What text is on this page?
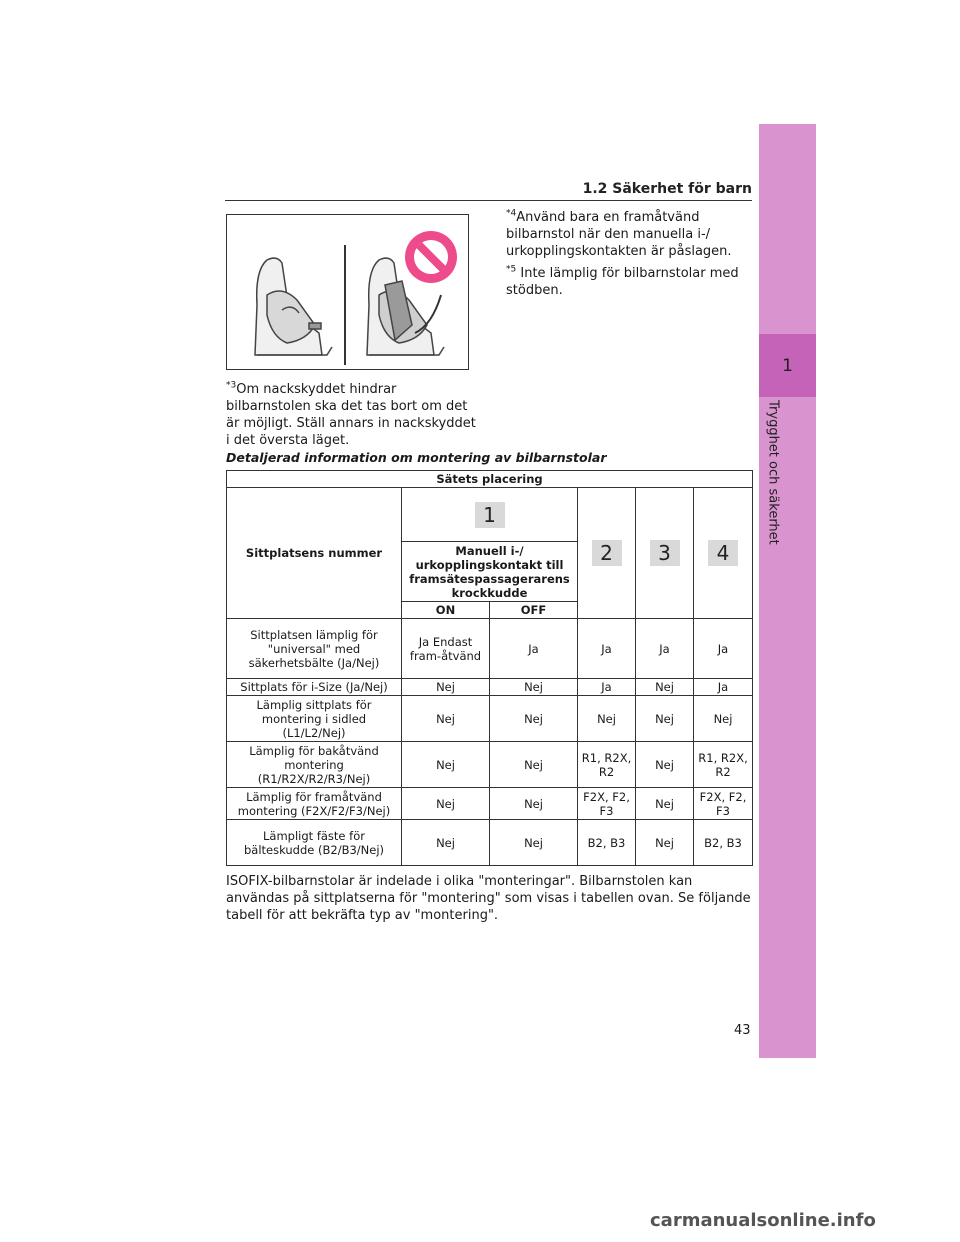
1
Trygghet och säkerhet
1.2 Säkerhet för barn
$^{*3}$Om nackskyddet hindrar bilbarnstolen ska det tas bort om det är möjligt. Ställ annars in nackskyddet i det översta läget.
$^{*4}$Använd bara en framåtvänd bilbarnstol när den manuella i-/ urkopplingskontakten är påslagen.
$^{*5}$ Inte lämplig för bilbarnstolar med stödben.
Detaljerad information om montering av bilbarnstolar
Sätets placering					
Sittplatsens nummer	1		2	3	4
	Manuell i-/ urkopplingskontakt till framsätespassagerarens krockkudde				
	ON	OFF			
Sittplatsen lämplig för "universal" med säkerhetsbälte (Ja/Nej)	Ja Endast fram-åtvänd	Ja	Ja	Ja	Ja
Sittplats för i-Size (Ja/Nej)	Nej	Nej	Ja	Nej	Ja
Lämplig sittplats för montering i sidled (L1/L2/Nej)	Nej	Nej	Nej	Nej	Nej
Lämplig för bakåtvänd montering (R1/R2X/R2/R3/Nej)	Nej	Nej	R1, R2X, R2	Nej	R1, R2X, R2
Lämplig för framåtvänd montering (F2X/F2/F3/Nej)	Nej	Nej	F2X, F2, F3	Nej	F2X, F2, F3
Lämpligt fäste för bälteskudde (B2/B3/Nej)	Nej	Nej	B2, B3	Nej	B2, B3
ISOFIX-bilbarnstolar är indelade i olika "monteringar". Bilbarnstolen kan användas på sittplatserna för "montering" som visas i tabellen ovan. Se följande tabell för att bekräfta typ av "montering".
43
carmanualsonline.info
